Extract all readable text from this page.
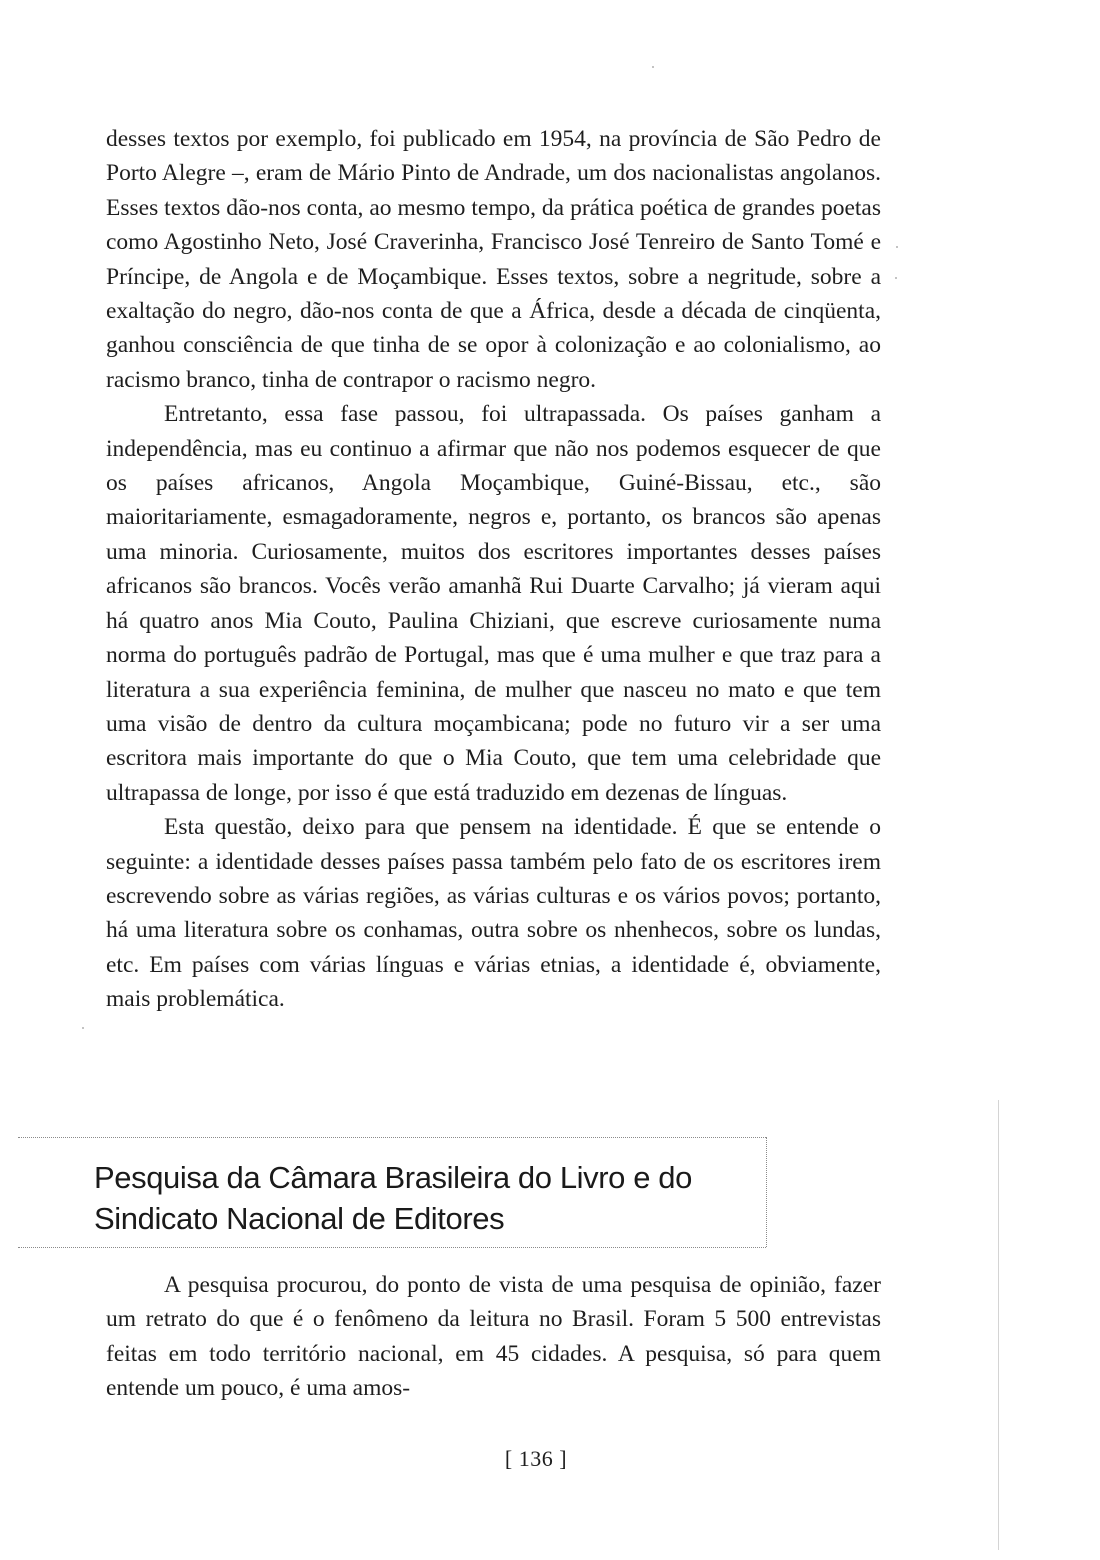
desses textos por exemplo, foi publicado em 1954, na província de São Pedro de Porto Alegre –, eram de Mário Pinto de Andrade, um dos nacionalistas angolanos. Esses textos dão-nos conta, ao mesmo tempo, da prática poética de grandes poetas como Agostinho Neto, José Craverinha, Francisco José Tenreiro de Santo Tomé e Príncipe, de Angola e de Moçambique. Esses textos, sobre a negritude, sobre a exaltação do negro, dão-nos conta de que a África, desde a década de cinqüenta, ganhou consciência de que tinha de se opor à colonização e ao colonialismo, ao racismo branco, tinha de contrapor o racismo negro.

Entretanto, essa fase passou, foi ultrapassada. Os países ganham a independência, mas eu continuo a afirmar que não nos podemos esquecer de que os países africanos, Angola Moçambique, Guiné-Bissau, etc., são maioritariamente, esmagadoramente, negros e, portanto, os brancos são apenas uma minoria. Curiosamente, muitos dos escritores importantes desses países africanos são brancos. Vocês verão amanhã Rui Duarte Carvalho; já vieram aqui há quatro anos Mia Couto, Paulina Chiziani, que escreve curiosamente numa norma do português padrão de Portugal, mas que é uma mulher e que traz para a literatura a sua experiência feminina, de mulher que nasceu no mato e que tem uma visão de dentro da cultura moçambicana; pode no futuro vir a ser uma escritora mais importante do que o Mia Couto, que tem uma celebridade que ultrapassa de longe, por isso é que está traduzido em dezenas de línguas.

Esta questão, deixo para que pensem na identidade. É que se entende o seguinte: a identidade desses países passa também pelo fato de os escritores irem escrevendo sobre as várias regiões, as várias culturas e os vários povos; portanto, há uma literatura sobre os conhamas, outra sobre os nhenhecos, sobre os lundas, etc. Em países com várias línguas e várias etnias, a identidade é, obviamente, mais problemática.

Pesquisa da Câmara Brasileira do Livro e do
Sindicato Nacional de Editores

A pesquisa procurou, do ponto de vista de uma pesquisa de opinião, fazer um retrato do que é o fenômeno da leitura no Brasil. Foram 5 500 entrevistas feitas em todo território nacional, em 45 cidades. A pesquisa, só para quem entende um pouco, é uma amos-

[ 136 ]
